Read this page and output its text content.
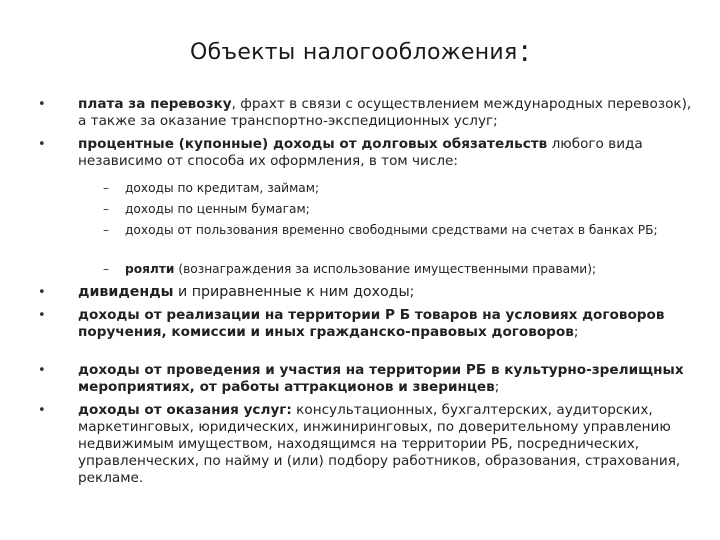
Объекты налогообложения:
• плата за перевозку, фрахт в связи с осуществлением международных перевозок), а также за оказание транспортно-экспедиционных услуг;
• процентные (купонные) доходы от долговых обязательств любого вида независимо от способа их оформления, в том числе:
– доходы по кредитам, займам;
– доходы по ценным бумагам;
– доходы от пользования временно свободными средствами на счетах в банках РБ;
– роялти (вознаграждения за использование имущественными правами);
• дивиденды и приравненные к ним доходы;
• доходы от реализации на территории Р Б товаров на условиях договоров поручения, комиссии и иных гражданско-правовых договоров;
• доходы от проведения и участия на территории РБ в культурно-зрелищных мероприятиях, от работы аттракционов и зверинцев;
• доходы от оказания услуг: консультационных, бухгалтерских, аудиторских, маркетинговых, юридических, инжиниринговых, по доверительному управлению недвижимым имуществом, находящимся на территории РБ, посреднических, управленческих, по найму и (или) подбору работников, образования, страхования, рекламе.
